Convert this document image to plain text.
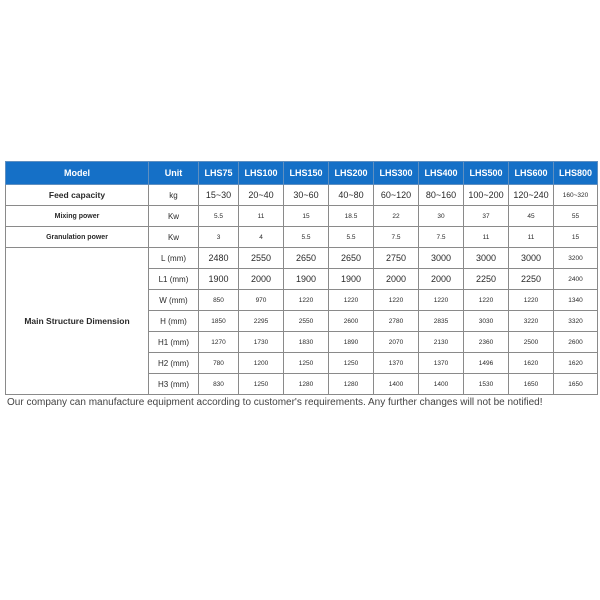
Model	Unit	LHS75	LHS100	LHS150	LHS200	LHS300	LHS400	LHS500	LHS600	LHS800
Feed capacity	kg	15~30	20~40	30~60	40~80	60~120	80~160	100~200	120~240	160~320
Mixing power	Kw	5.5	11	15	18.5	22	30	37	45	55
Granulation power	Kw	3	4	5.5	5.5	7.5	7.5	11	11	15
Main Structure Dimension	L (mm)	2480	2550	2650	2650	2750	3000	3000	3000	3200
	L1 (mm)	1900	2000	1900	1900	2000	2000	2250	2250	2400
	W (mm)	850	970	1220	1220	1220	1220	1220	1220	1340
	H (mm)	1850	2295	2550	2600	2780	2835	3030	3220	3320
	H1 (mm)	1270	1730	1830	1890	2070	2130	2360	2500	2600
	H2 (mm)	780	1200	1250	1250	1370	1370	1496	1620	1620
	H3 (mm)	830	1250	1280	1280	1400	1400	1530	1650	1650
Our company can manufacture equipment according to customer's requirements. Any further changes will not be notified!
